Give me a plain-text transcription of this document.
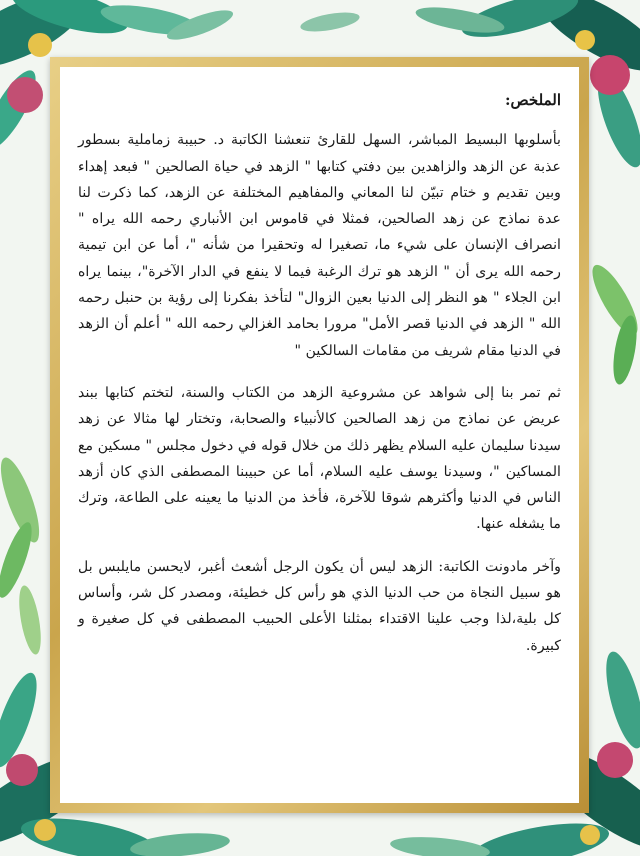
الملخص:

بأسلوبها البسيط المباشر، السهل للقارئ تنعشنا الكاتبة د. حبيبة زماملية بسطور عذبة عن الزهد والزاهدين بين دفتي كتابها " الزهد في حياة الصالحين " فبعد إهداء وبين تقديم و ختام تبيّن لنا المعاني والمفاهيم المختلفة عن الزهد، كما ذكرت لنا عدة نماذج عن زهد الصالحين، فمثلا في قاموس ابن الأنباري رحمه الله يراه " انصراف الإنسان على شيء ما، تصغيرا له وتحقيرا من شأنه "، أما عن ابن تيمية رحمه الله يرى أن " الزهد هو ترك الرغبة فيما لا ينفع في الدار الآخرة"، بينما يراه ابن الجلاء " هو النظر إلى الدنيا بعين الزوال" لتأخذ بفكرنا إلى رؤية بن حنبل رحمه الله " الزهد في الدنيا قصر الأمل" مرورا بحامد الغزالي رحمه الله " أعلم أن الزهد في الدنيا مقام شريف من مقامات السالكين "

ثم تمر بنا إلى شواهد عن مشروعية الزهد من الكتاب والسنة، لتختم كتابها ببند عريض عن نماذج من زهد الصالحين كالأنبياء والصحابة، وتختار لها مثالا عن زهد سيدنا سليمان عليه السلام يظهر ذلك من خلال قوله في دخول مجلس " مسكين مع المساكين "، وسيدنا يوسف عليه السلام، أما عن حبيبنا المصطفى الذي كان أزهد الناس في الدنيا وأكثرهم شوقا للآخرة، فأخذ من الدنيا ما يعينه على الطاعة، وترك ما يشغله عنها.

وآخر مادونت الكاتبة: الزهد ليس أن يكون الرجل أشعث أغبر، لايحسن مايلبس بل هو سبيل النجاة من حب الدنيا الذي هو رأس كل خطيئة، ومصدر كل شر، وأساس كل بلية،لذا وجب علينا الاقتداء بمثلنا الأعلى الحبيب المصطفى في كل صغيرة و كبيرة.
